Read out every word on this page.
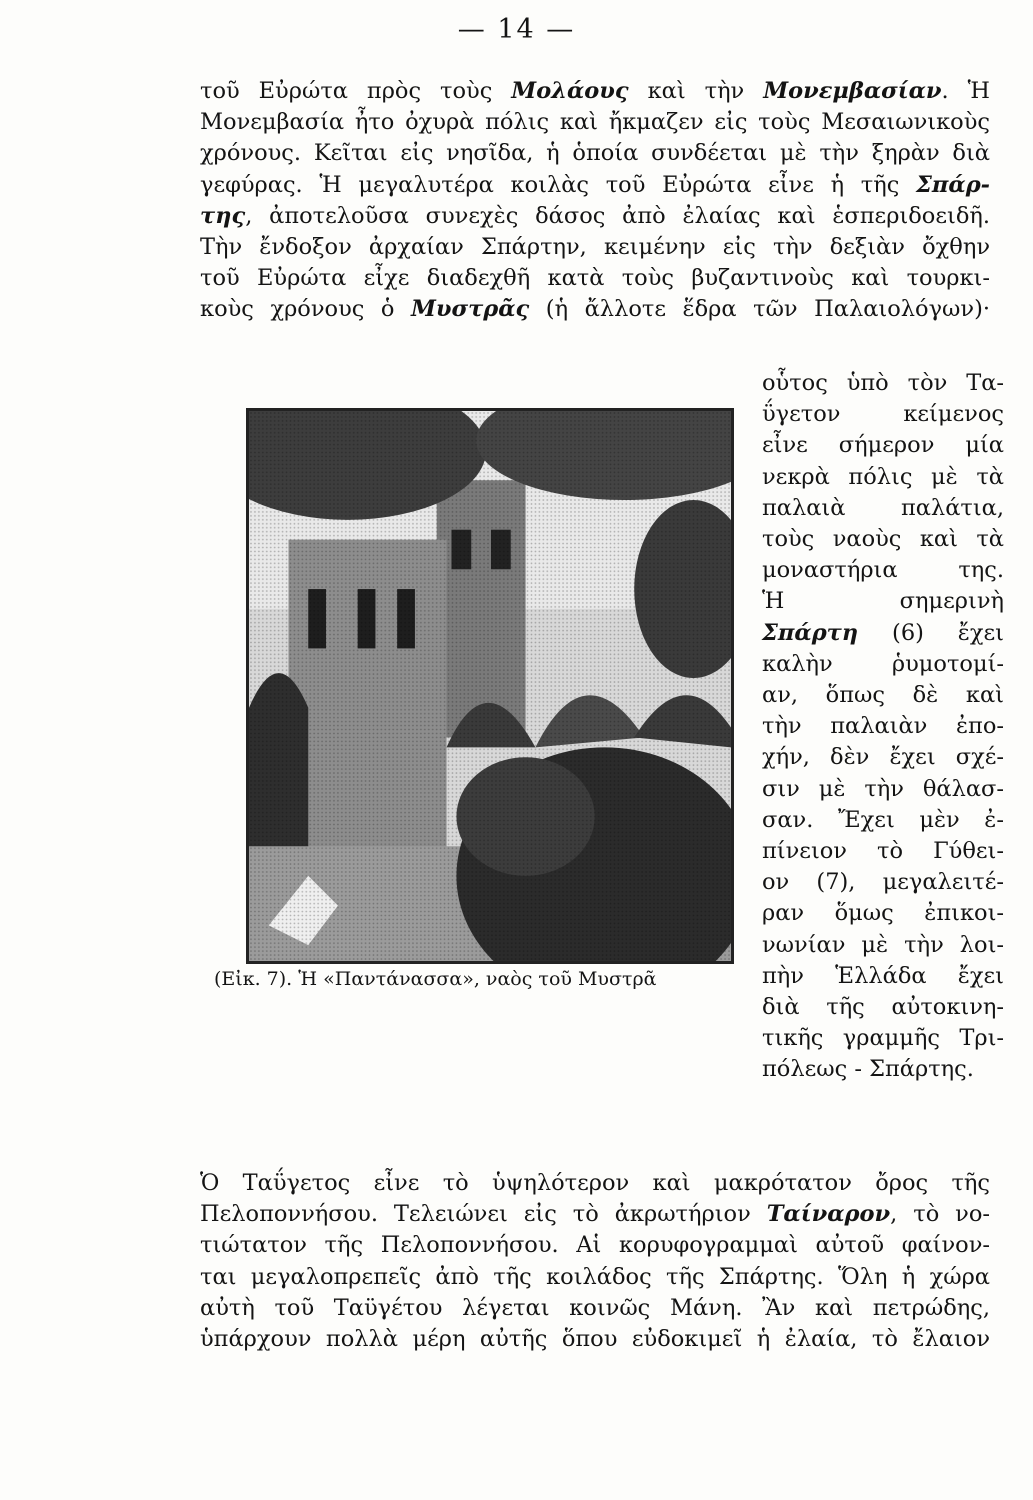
— 14 —
τοῦ Εὐρώτα πρὸς τοὺς Μολάους καὶ τὴν Μονεμβασίαν. Ἡ
Μονεμβασία ἦτο ὀχυρὰ πόλις καὶ ἤκμαζεν εἰς τοὺς Μεσαιωνικοὺς
χρόνους. Κεῖται εἰς νησῖδα, ἡ ὁποία συνδέεται μὲ τὴν ξηρὰν διὰ
γεφύρας. Ἡ μεγαλυτέρα κοιλὰς τοῦ Εὐρώτα εἶνε ἡ τῆς Σπάρ-
της, ἀποτελοῦσα συνεχὲς δάσος ἀπὸ ἐλαίας καὶ ἑσπεριδοειδῆ.
Τὴν ἔνδοξον ἀρχαίαν Σπάρτην, κειμένην εἰς τὴν δεξιὰν ὄχθην
τοῦ Εὐρώτα εἶχε διαδεχθῆ κατὰ τοὺς βυζαντινοὺς καὶ τουρκι-
κοὺς χρόνους ὁ Μυστρᾶς (ἡ ἄλλοτε ἕδρα τῶν Παλαιολόγων)·
οὗτος ὑπὸ τὸν Τα-
ΰγετον κείμενος
εἶνε σήμερον μία
νεκρὰ πόλις μὲ τὰ
παλαιὰ παλάτια,
τοὺς ναοὺς καὶ τὰ
μοναστήρια της.
Ἡ σημερινὴ
Σπάρτη (6) ἔχει
καλὴν ῥυμοτομί-
αν, ὅπως δὲ καὶ
τὴν παλαιὰν ἐπο-
χήν, δὲν ἔχει σχέ-
σιν μὲ τὴν θάλασ-
σαν. Ἔχει μὲν ἐ-
πίνειον τὸ Γύθει-
ον (7), μεγαλειτέ-
ραν ὅμως ἐπικοι-
νωνίαν μὲ τὴν λοι-
πὴν Ἑλλάδα ἔχει
διὰ τῆς αὐτοκινη-
τικῆς γραμμῆς Τρι-
πόλεως - Σπάρτης.
(Εἰκ. 7). Ἡ «Παντάνασσα», ναὸς τοῦ Μυστρᾶ
Ὁ Ταΰγετος εἶνε τὸ ὑψηλότερον καὶ μακρότατον ὄρος τῆς
Πελοποννήσου. Τελειώνει εἰς τὸ ἀκρωτήριον Ταίναρον, τὸ νο-
τιώτατον τῆς Πελοποννήσου. Αἱ κορυφογραμμαὶ αὐτοῦ φαίνον-
ται μεγαλοπρεπεῖς ἀπὸ τῆς κοιλάδος τῆς Σπάρτης. Ὅλη ἡ χώρα
αὐτὴ τοῦ Ταϋγέτου λέγεται κοινῶς Μάνη. Ἂν καὶ πετρώδης,
ὑπάρχουν πολλὰ μέρη αὐτῆς ὅπου εὐδοκιμεῖ ἡ ἐλαία, τὸ ἔλαιον
